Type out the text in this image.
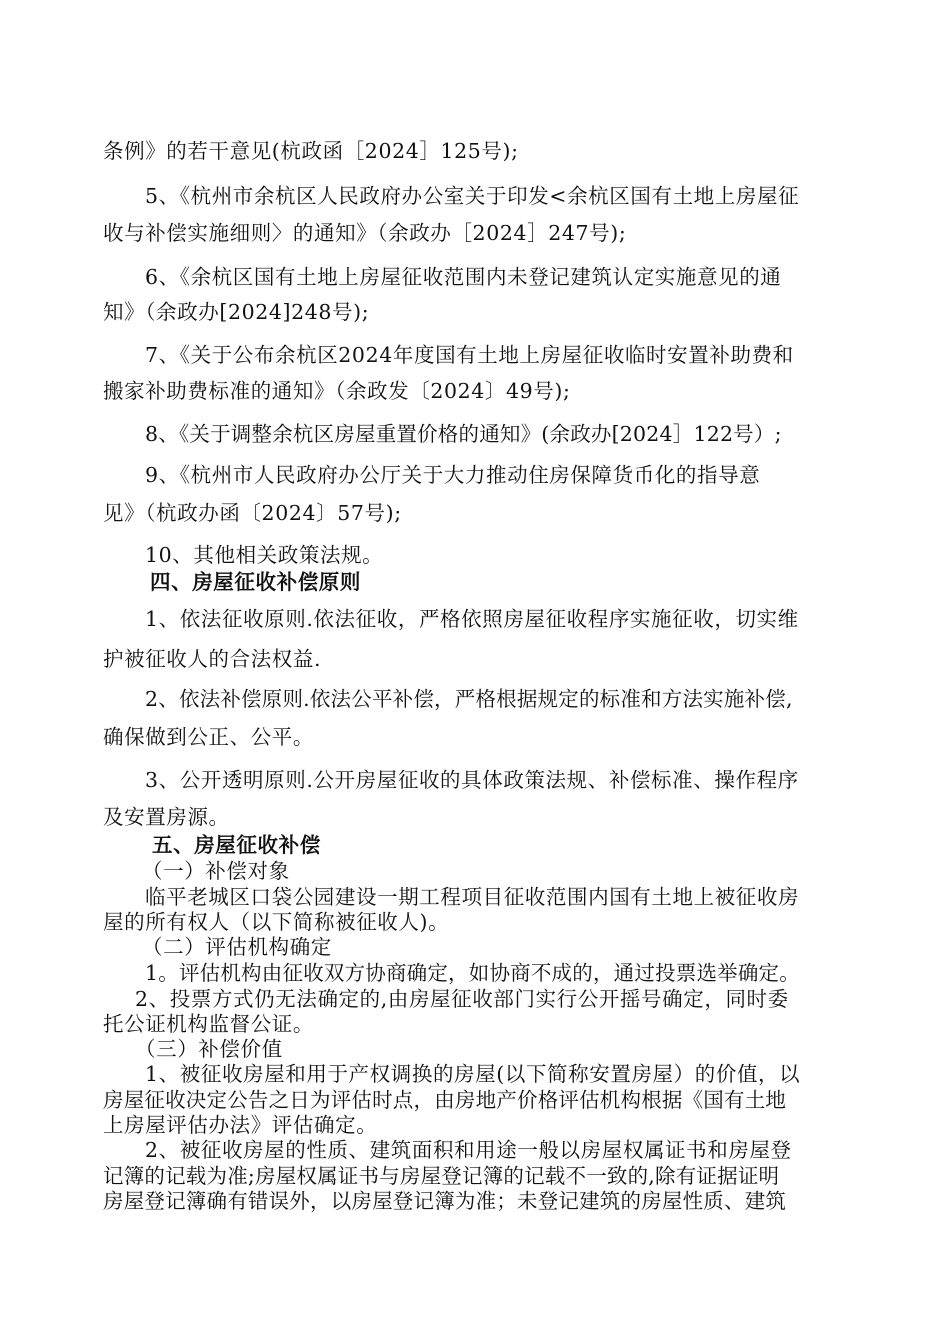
条例》的若干意见(杭政函［2024］125号);
5、《杭州市余杭区人民政府办公室关于印发<余杭区国有土地上房屋征
收与补偿实施细则〉的通知》（余政办［2024］247号);
6、《余杭区国有土地上房屋征收范围内未登记建筑认定实施意见的通
知》（余政办[2024]248号);
7、《关于公布余杭区2024年度国有土地上房屋征收临时安置补助费和
搬家补助费标准的通知》（余政发〔2024〕49号);
8、《关于调整余杭区房屋重置价格的通知》(余政办[2024］122号）;
9、《杭州市人民政府办公厅关于大力推动住房保障货币化的指导意
见》（杭政办函〔2024〕57号);
10、其他相关政策法规。
四、房屋征收补偿原则
1、依法征收原则.依法征收，严格依照房屋征收程序实施征收，切实维
护被征收人的合法权益.
2、依法补偿原则.依法公平补偿，严格根据规定的标准和方法实施补偿,
确保做到公正、公平。
3、公开透明原则.公开房屋征收的具体政策法规、补偿标准、操作程序
及安置房源。
五、房屋征收补偿
（一）补偿对象
临平老城区口袋公园建设一期工程项目征收范围内国有土地上被征收房
屋的所有权人（以下简称被征收人)。
（二）评估机构确定
1。评估机构由征收双方协商确定，如协商不成的，通过投票选举确定。
2、投票方式仍无法确定的,由房屋征收部门实行公开摇号确定，同时委
托公证机构监督公证。
（三）补偿价值
1、被征收房屋和用于产权调换的房屋(以下简称安置房屋）的价值，以
房屋征收决定公告之日为评估时点，由房地产价格评估机构根据《国有土地
上房屋评估办法》评估确定。
2、被征收房屋的性质、建筑面积和用途一般以房屋权属证书和房屋登
记簿的记载为准;房屋权属证书与房屋登记簿的记载不一致的,除有证据证明
房屋登记簿确有错误外，以房屋登记簿为准；未登记建筑的房屋性质、建筑
